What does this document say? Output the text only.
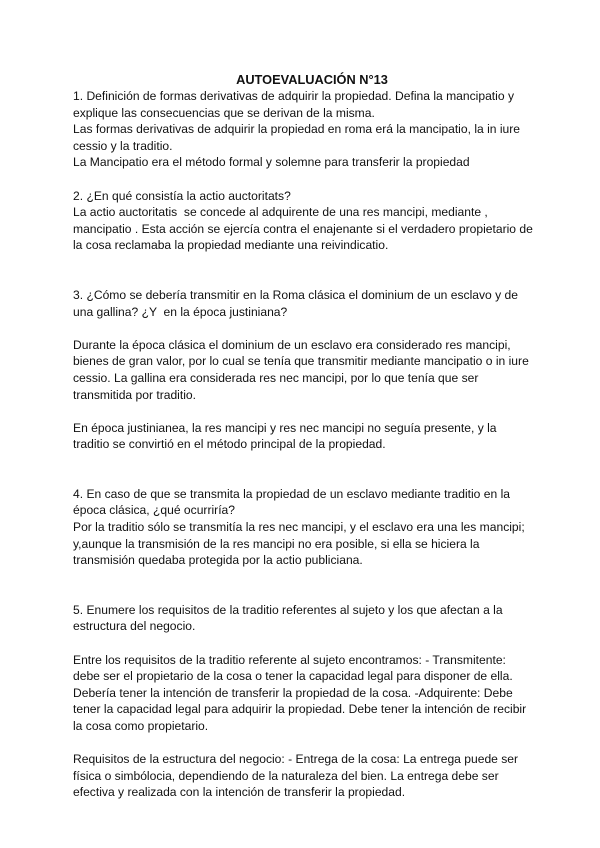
AUTOEVALUACIÓN N°13

1. Definición de formas derivativas de adquirir la propiedad. Defina la mancipatio y explique las consecuencias que se derivan de la misma.

Las formas derivativas de adquirir la propiedad en roma erá la mancipatio, la in iure cessio y la traditio.

La Mancipatio era el método formal y solemne para transferir la propiedad

2. ¿En qué consistía la actio auctoritats?

La actio auctoritatis  se concede al adquirente de una res mancipi, mediante , mancipatio . Esta acción se ejercía contra el enajenante si el verdadero propietario de la cosa reclamaba la propiedad mediante una reivindicatio.

3. ¿Cómo se debería transmitir en la Roma clásica el dominium de un esclavo y de una gallina? ¿Y  en la época justiniana?

Durante la época clásica el dominium de un esclavo era considerado res mancipi, bienes de gran valor, por lo cual se tenía que transmitir mediante mancipatio o in iure cessio. La gallina era considerada res nec mancipi, por lo que tenía que ser transmitida por traditio.

En época justinianea, la res mancipi y res nec mancipi no seguía presente, y la traditio se convirtió en el método principal de la propiedad.

4. En caso de que se transmita la propiedad de un esclavo mediante traditio en la época clásica, ¿qué ocurriría?

Por la traditio sólo se transmitía la res nec mancipi, y el esclavo era una les mancipi; y,aunque la transmisión de la res mancipi no era posible, si ella se hiciera la transmisión quedaba protegida por la actio publiciana.

5. Enumere los requisitos de la traditio referentes al sujeto y los que afectan a la estructura del negocio.

Entre los requisitos de la traditio referente al sujeto encontramos: - Transmitente: debe ser el propietario de la cosa o tener la capacidad legal para disponer de ella. Debería tener la intención de transferir la propiedad de la cosa. -Adquirente: Debe tener la capacidad legal para adquirir la propiedad. Debe tener la intención de recibir la cosa como propietario.

Requisitos de la estructura del negocio: - Entrega de la cosa: La entrega puede ser física o simbólocia, dependiendo de la naturaleza del bien. La entrega debe ser efectiva y realizada con la intención de transferir la propiedad.
